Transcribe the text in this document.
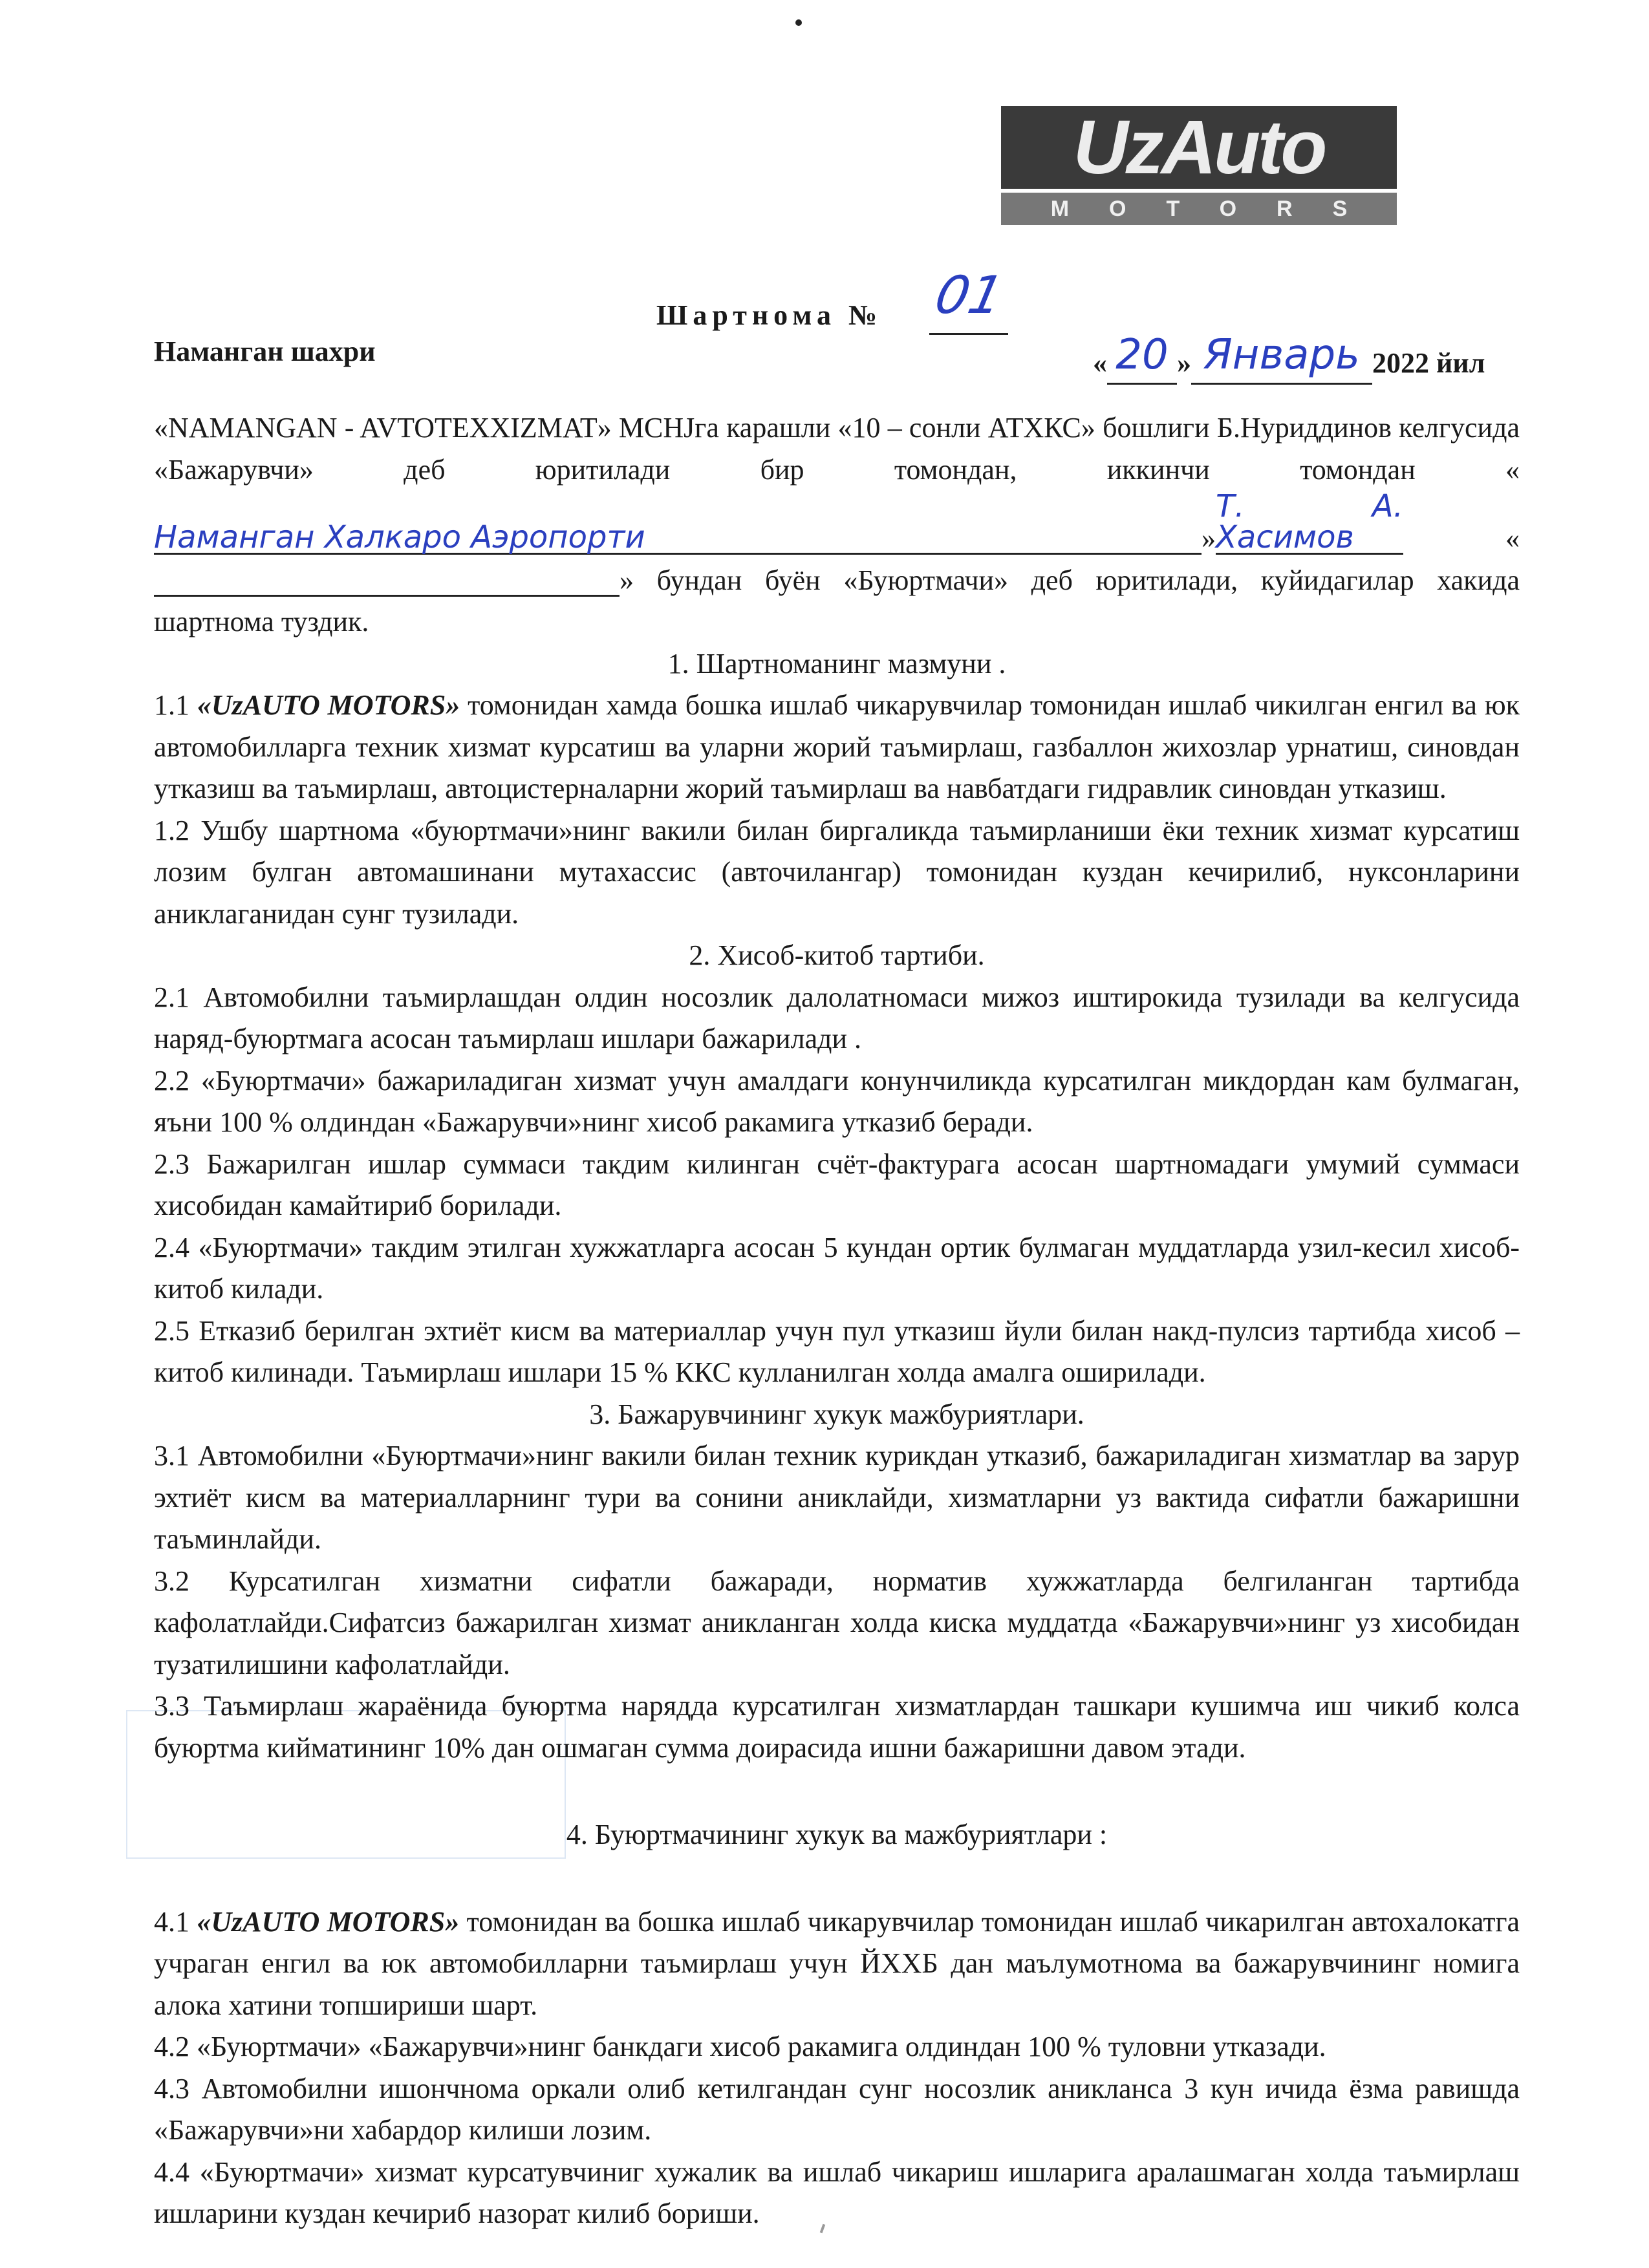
UzAuto
MOTORS
Шартнома № 01
Наманган шахри	« 20 » Январь 2022 йил

«NAMANGAN - AVTOTEXXIZMAT» MCHJга карашли «10 – сонли АТХКС» бошлиги Б.Нуриддинов келгусида «Бажарувчи» деб юритилади бир томондан, иккинчи томондан «Наманган Халкаро Аэропорти	»Т. А. Хасимов	« » бундан буён «Буюртмачи» деб юритилади, куйидагилар хакида шартнома туздик.

1. Шартноманинг мазмуни .

1.1 «UzAUTO MOTORS» томонидан хамда бошка ишлаб чикарувчилар томонидан ишлаб чикилган енгил ва юк автомобилларга техник хизмат курсатиш ва уларни жорий таъмирлаш, газбаллон жихозлар урнатиш, синовдан утказиш ва таъмирлаш, автоцистерналарни жорий таъмирлаш ва навбатдаги гидравлик синовдан утказиш.

1.2 Ушбу шартнома «буюртмачи»нинг вакили билан биргаликда таъмирланиши ёки техник хизмат курсатиш лозим булган автомашинани мутахассис (авточилангар) томонидан куздан кечирилиб, нуксонларини аниклаганидан сунг тузилади.

2. Хисоб-китоб тартиби.

2.1 Автомобилни таъмирлашдан олдин носозлик далолатномаси мижоз иштирокида тузилади ва келгусида наряд-буюртмага асосан таъмирлаш ишлари бажарилади .

2.2 «Буюртмачи» бажариладиган хизмат учун амалдаги конунчиликда курсатилган микдордан кам булмаган, яъни 100 % олдиндан «Бажарувчи»нинг хисоб ракамига утказиб беради.

2.3 Бажарилган ишлар суммаси такдим килинган счёт-фактурага асосан шартномадаги умумий суммаси хисобидан камайтириб борилади.

2.4 «Буюртмачи» такдим этилган хужжатларга асосан 5 кундан ортик булмаган муддатларда узил-кесил хисоб-китоб килади.

2.5 Етказиб берилган эхтиёт кисм ва материаллар учун пул утказиш йули билан накд-пулсиз тартибда хисоб – китоб килинади. Таъмирлаш ишлари 15 % ККС кулланилган холда амалга оширилади.

3. Бажарувчининг хукук мажбуриятлари.

3.1 Автомобилни «Буюртмачи»нинг вакили билан техник курикдан утказиб, бажариладиган хизматлар ва зарур эхтиёт кисм ва материалларнинг тури ва сонини аниклайди, хизматларни уз вактида сифатли бажаришни таъминлайди.

3.2 Курсатилган хизматни сифатли бажаради, норматив хужжатларда белгиланган тартибда кафолатлайди.Сифатсиз бажарилган хизмат аникланган холда киска муддатда «Бажарувчи»нинг уз хисобидан тузатилишини кафолатлайди.

3.3 Таъмирлаш жараёнида буюртма нарядда курсатилган хизматлардан ташкари кушимча иш чикиб колса буюртма кийматининг 10% дан ошмаган сумма доирасида ишни бажаришни давом этади.

4. Буюртмачининг хукук ва мажбуриятлари :

4.1 «UzAUTO MOTORS» томонидан ва бошка ишлаб чикарувчилар томонидан ишлаб чикарилган автохалокатга учраган енгил ва юк автомобилларни таъмирлаш учун ЙХХБ дан маълумотнома ва бажарувчининг номига алока хатини топшириши шарт.

4.2 «Буюртмачи» «Бажарувчи»нинг банкдаги хисоб ракамига олдиндан 100 % туловни утказади.

4.3 Автомобилни ишончнома оркали олиб кетилгандан сунг носозлик аникланса 3 кун ичида ёзма равишда «Бажарувчи»ни хабардор килиши лозим.

4.4 «Буюртмачи» хизмат курсатувчиниг хужалик ва ишлаб чикариш ишларига аралашмаган холда таъмирлаш ишларини куздан кечириб назорат килиб бориши.
